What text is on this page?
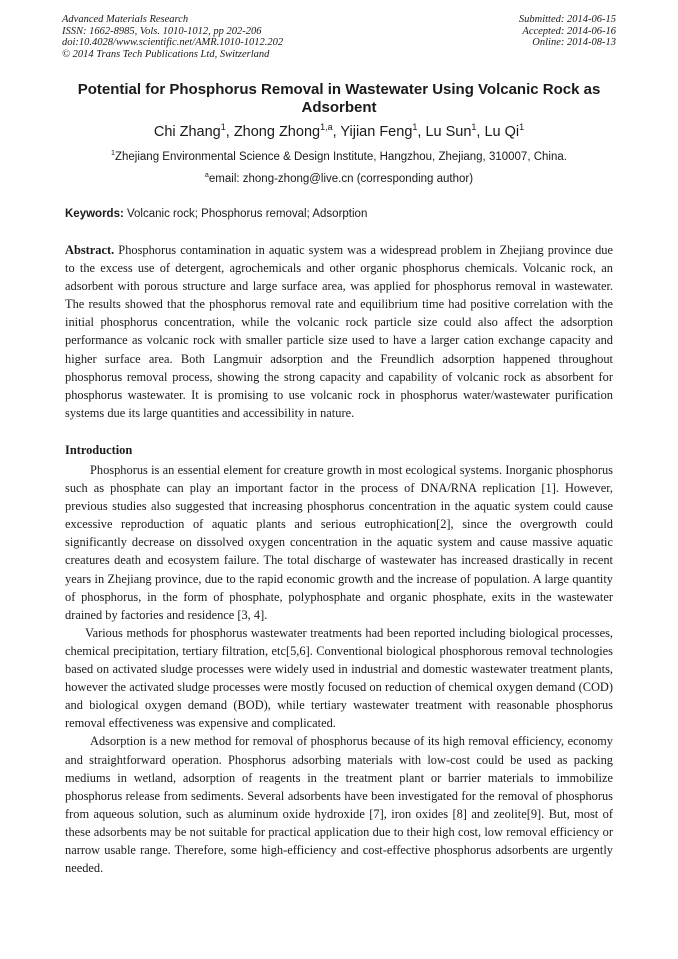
Advanced Materials Research
ISSN: 1662-8985, Vols. 1010-1012, pp 202-206
doi:10.4028/www.scientific.net/AMR.1010-1012.202
© 2014 Trans Tech Publications Ltd, Switzerland
Submitted: 2014-06-15
Accepted: 2014-06-16
Online: 2014-08-13
Potential for Phosphorus Removal in Wastewater Using Volcanic Rock as Adsorbent
Chi Zhang$^1$, Zhong Zhong$^{1,a}$, Yijian Feng$^1$, Lu Sun$^1$, Lu Qi$^1$
$^1$Zhejiang Environmental Science & Design Institute, Hangzhou, Zhejiang, 310007, China.
$^a$email: zhong-zhong@live.cn (corresponding author)
Keywords: Volcanic rock; Phosphorus removal; Adsorption
Abstract. Phosphorus contamination in aquatic system was a widespread problem in Zhejiang province due to the excess use of detergent, agrochemicals and other organic phosphorus chemicals. Volcanic rock, an adsorbent with porous structure and large surface area, was applied for phosphorus removal in wastewater. The results showed that the phosphorus removal rate and equilibrium time had positive correlation with the initial phosphorus concentration, while the volcanic rock particle size could also affect the adsorption performance as volcanic rock with smaller particle size used to have a larger cation exchange capacity and higher surface area. Both Langmuir adsorption and the Freundlich adsorption happened throughout phosphorus removal process, showing the strong capacity and capability of volcanic rock as absorbent for phosphorus wastewater. It is promising to use volcanic rock in phosphorus water/wastewater purification systems due its large quantities and accessibility in nature.
Introduction

Phosphorus is an essential element for creature growth in most ecological systems. Inorganic phosphorus such as phosphate can play an important factor in the process of DNA/RNA replication [1]. However, previous studies also suggested that increasing phosphorus concentration in the aquatic system could cause excessive reproduction of aquatic plants and serious eutrophication[2], since the overgrowth could significantly decrease on dissolved oxygen concentration in the aquatic system and cause massive aquatic creatures death and ecosystem failure. The total discharge of wastewater has increased drastically in recent years in Zhejiang province, due to the rapid economic growth and the increase of population. A large quantity of phosphorus, in the form of phosphate, polyphosphate and organic phosphate, exits in the wastewater drained by factories and residence [3, 4].

Various methods for phosphorus wastewater treatments had been reported including biological processes, chemical precipitation, tertiary filtration, etc[5,6]. Conventional biological phosphorous removal technologies based on activated sludge processes were widely used in industrial and domestic wastewater treatment plants, however the activated sludge processes were mostly focused on reduction of chemical oxygen demand (COD) and biological oxygen demand (BOD), while tertiary wastewater treatment with reasonable phosphorus removal effectiveness was expensive and complicated.

Adsorption is a new method for removal of phosphorus because of its high removal efficiency, economy and straightforward operation. Phosphorus adsorbing materials with low-cost could be used as packing mediums in wetland, adsorption of reagents in the treatment plant or barrier materials to immobilize phosphorus release from sediments. Several adsorbents have been investigated for the removal of phosphorus from aqueous solution, such as aluminum oxide hydroxide [7], iron oxides [8] and zeolite[9]. But, most of these adsorbents may be not suitable for practical application due to their high cost, low removal efficiency or narrow usable range. Therefore, some high-efficiency and cost-effective phosphorus adsorbents are urgently needed.
